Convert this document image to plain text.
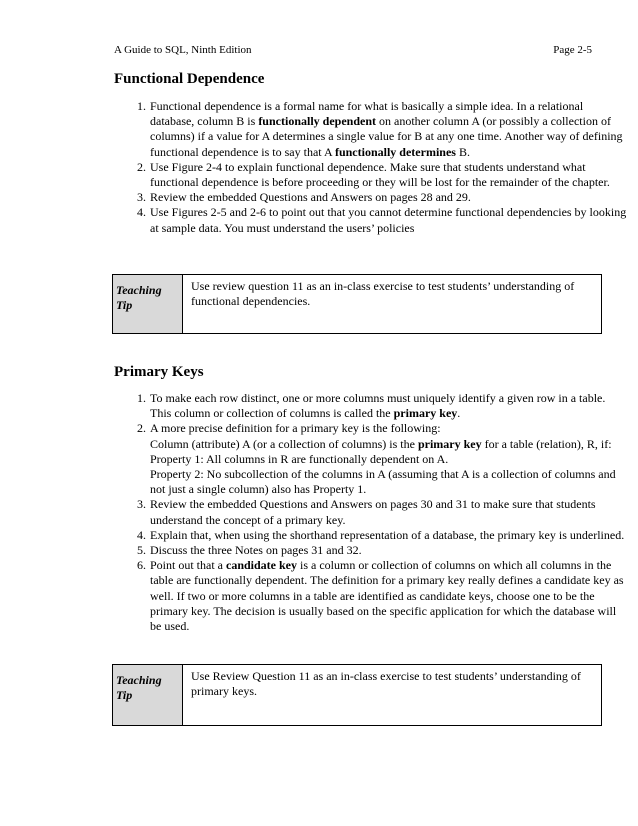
A Guide to SQL, Ninth Edition	Page 2-5
Functional Dependence
1. Functional dependence is a formal name for what is basically a simple idea. In a relational database, column B is functionally dependent on another column A (or possibly a collection of columns) if a value for A determines a single value for B at any one time. Another way of defining functional dependence is to say that A functionally determines B.
2. Use Figure 2-4 to explain functional dependence. Make sure that students understand what functional dependence is before proceeding or they will be lost for the remainder of the chapter.
3. Review the embedded Questions and Answers on pages 28 and 29.
4. Use Figures 2-5 and 2-6 to point out that you cannot determine functional dependencies by looking at sample data. You must understand the users’ policies
Teaching
Tip
Use review question 11 as an in-class exercise to test students’ understanding of functional dependencies.
Primary Keys
1. To make each row distinct, one or more columns must uniquely identify a given row in a table. This column or collection of columns is called the primary key.
2. A more precise definition for a primary key is the following:
Column (attribute) A (or a collection of columns) is the primary key for a table (relation), R, if:
Property 1: All columns in R are functionally dependent on A.
Property 2: No subcollection of the columns in A (assuming that A is a collection of columns and not just a single column) also has Property 1.
3. Review the embedded Questions and Answers on pages 30 and 31 to make sure that students understand the concept of a primary key.
4. Explain that, when using the shorthand representation of a database, the primary key is underlined.
5. Discuss the three Notes on pages 31 and 32.
6. Point out that a candidate key is a column or collection of columns on which all columns in the table are functionally dependent. The definition for a primary key really defines a candidate key as well. If two or more columns in a table are identified as candidate keys, choose one to be the primary key. The decision is usually based on the specific application for which the database will be used.
Teaching
Tip
Use Review Question 11 as an in-class exercise to test students’ understanding of primary keys.
